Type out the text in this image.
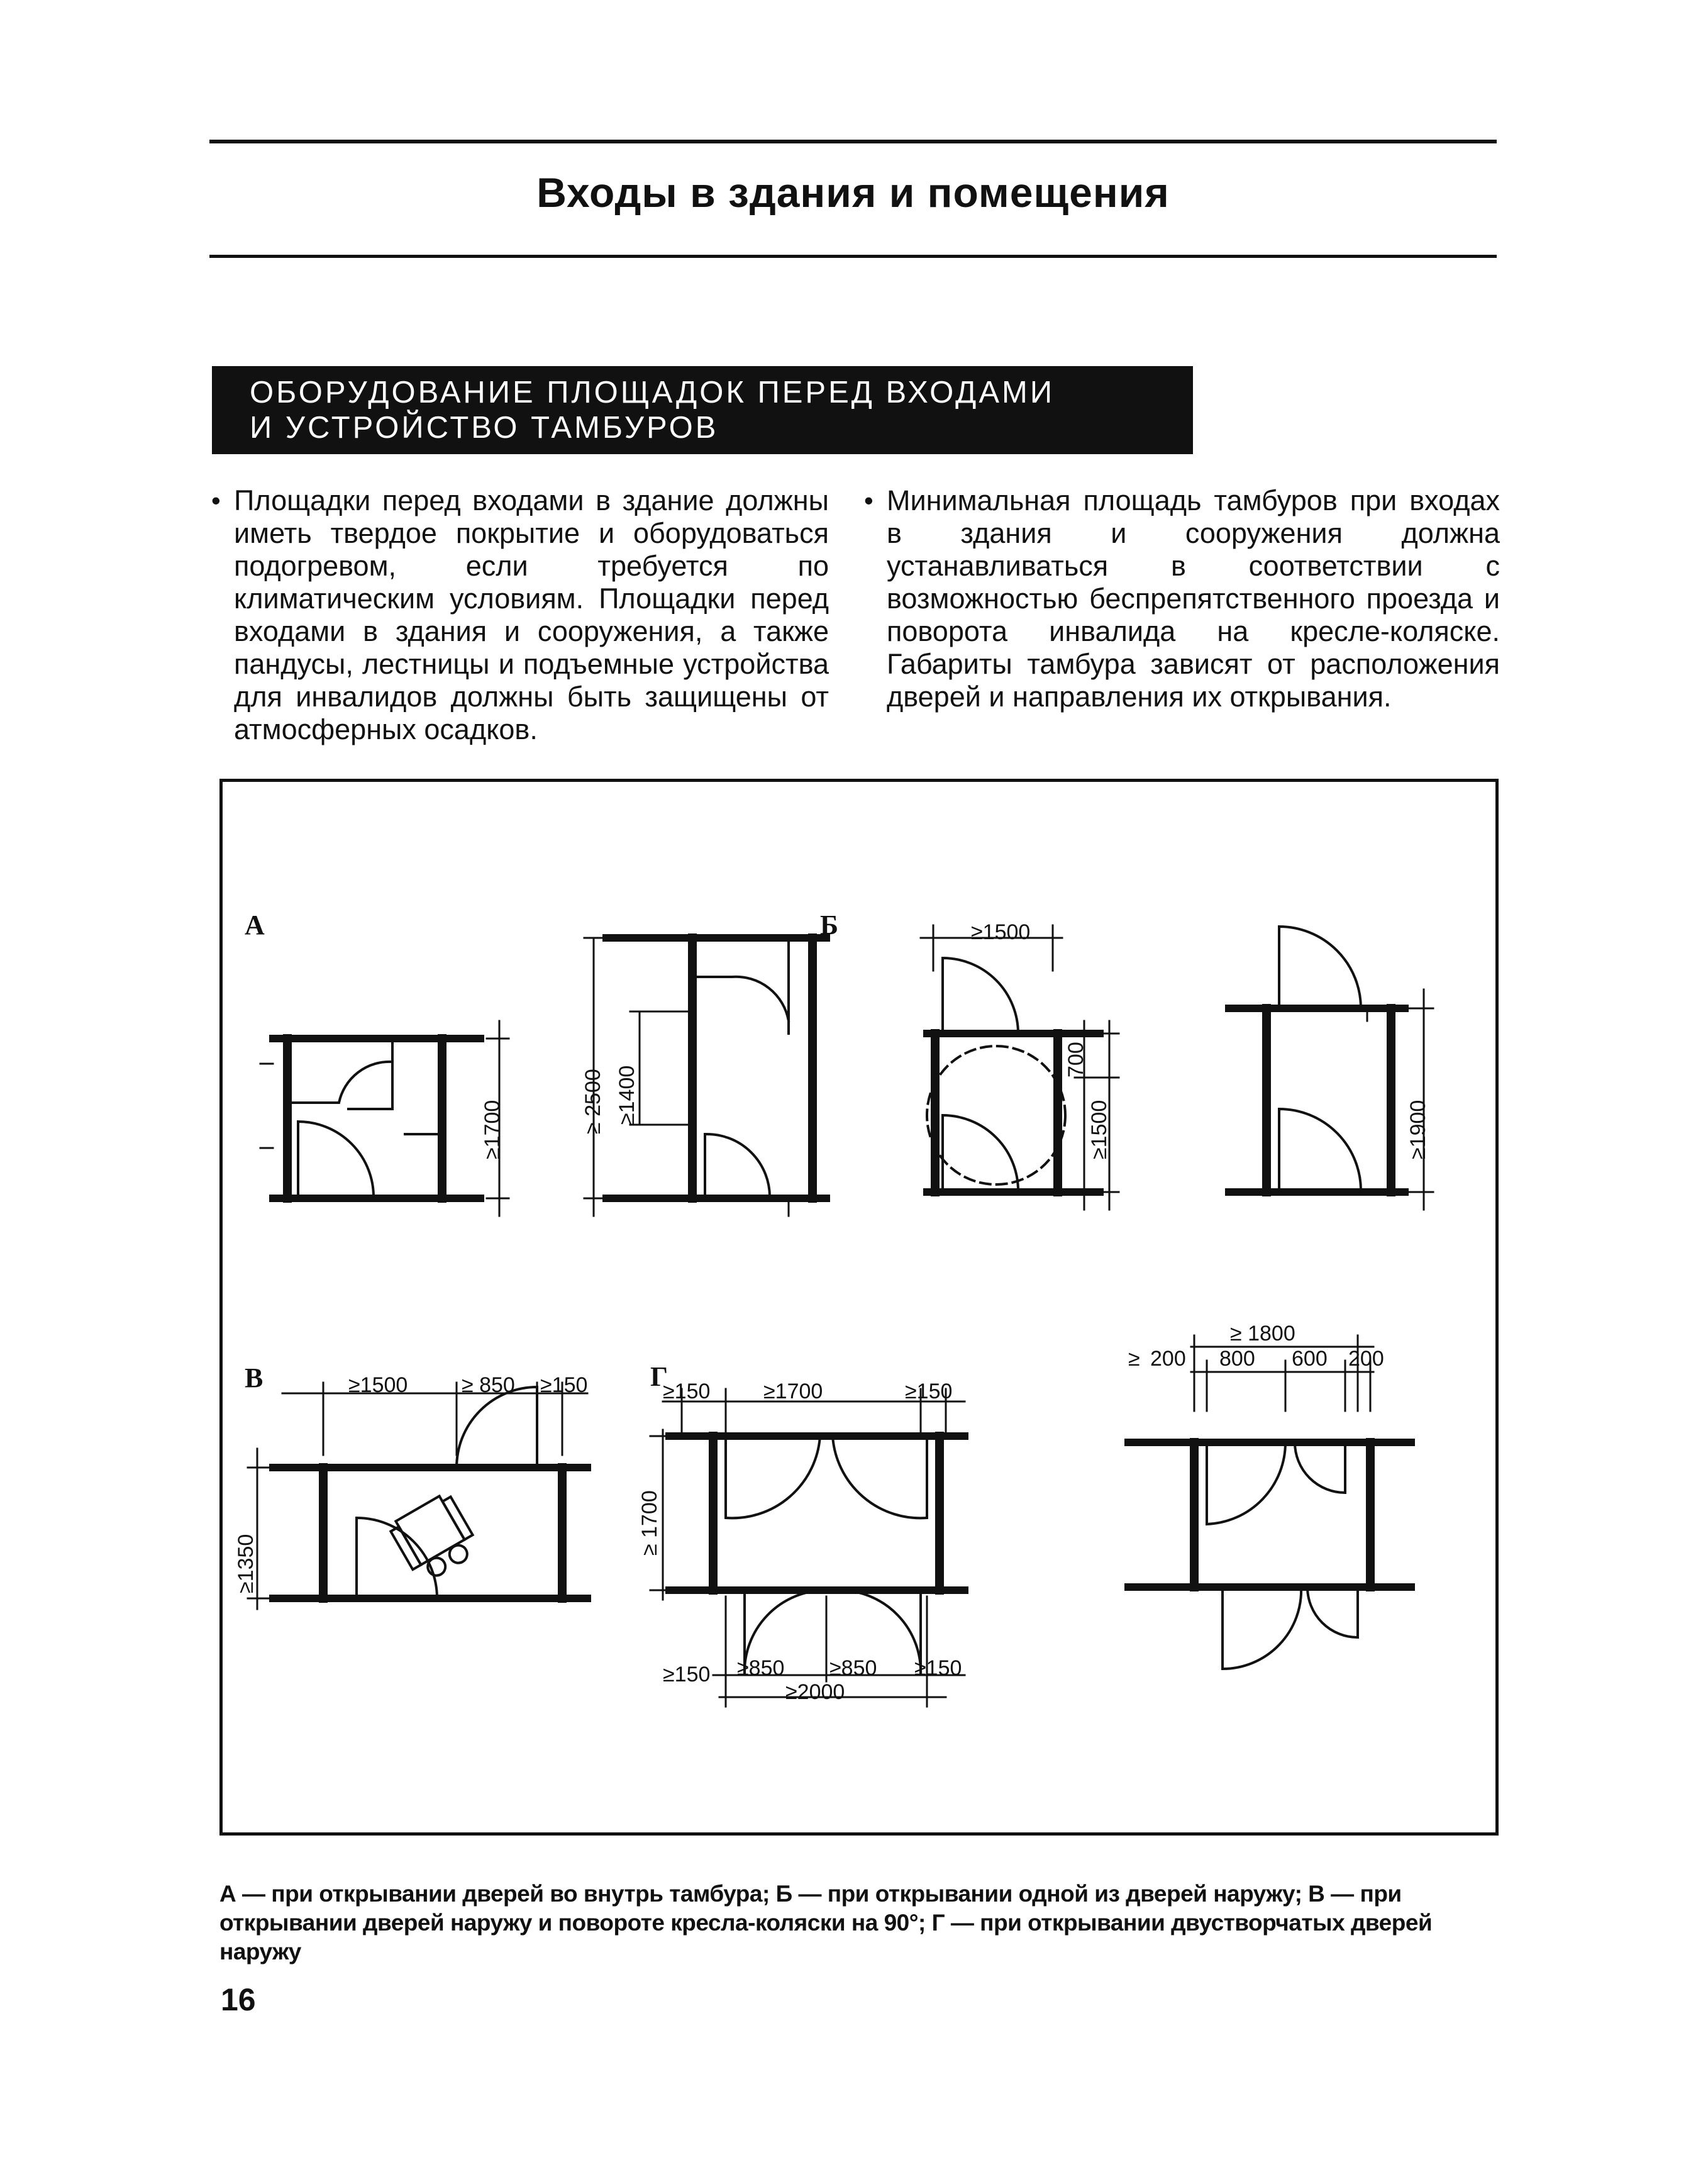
Входы в здания и помещения
ОБОРУДОВАНИЕ ПЛОЩАДОК ПЕРЕД ВХОДАМИ
И УСТРОЙСТВО ТАМБУРОВ
• Площадки перед входами в здание должны иметь твердое покрытие и оборудоваться подогревом, если требуется по климатическим условиям. Площадки перед входами в здания и сооружения, а также пандусы, лестницы и подъемные устройства для инвалидов должны быть защищены от атмосферных осадков.

• Минимальная площадь тамбуров при входах в здания и сооружения должна устанавливаться в соответствии с возможностью беспрепятственного проезда и поворота инвалида на кресле-коляске. Габариты тамбура зависят от расположения дверей и направления их открывания.

А
≥1700	≥ 2500 ≥1400
Б	≥1500
700
≥1500	≥1900
В	≥1500	≥ 850 ≥150
≥1350
Г
≥150 ≥1700	≥150
≥ 1700
≥150 ≥850 ≥850 ≥150
≥2000
≥ 1800
≥ 200 800 600 200
А — при открывании дверей во внутрь тамбура; Б — при открывании одной из дверей наружу; В — при открывании дверей наружу и повороте кресла-коляски на 90°; Г — при открывании двустворчатых дверей наружу
16
